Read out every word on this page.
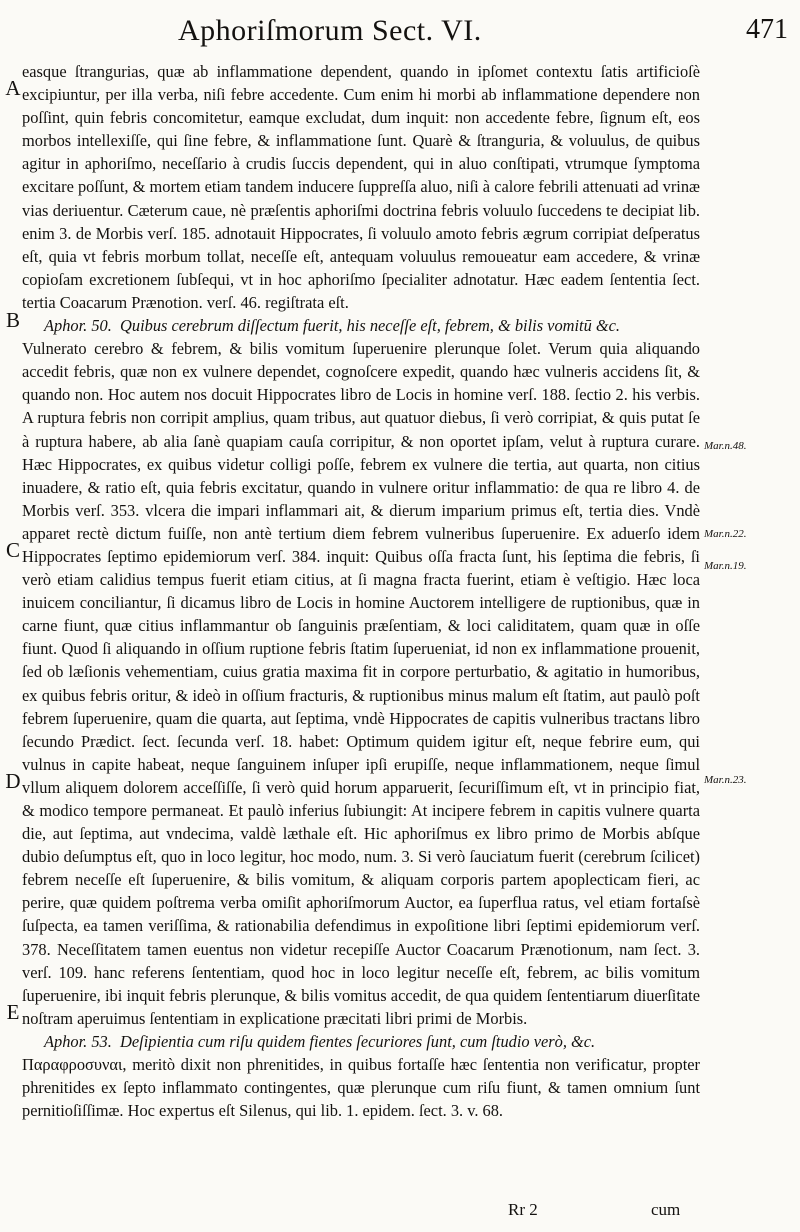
Aphoriſmorum Sect. VI.	471
A
B
C
D
E
Mar.n.48.
Mar.n.22.
Mar.n.19.
Mar.n.23.

easque ſtrangurias, quæ ab inflammatione dependent, quando in ipſomet contextu ſatis artificioſè excipiuntur, per illa verba, niſi febre accedente. Cum enim hi morbi ab inflammatione dependere non poſſint, quin febris concomitetur, eamque excludat, dum inquit: non accedente febre, ſignum eſt, eos morbos intellexiſſe, qui ſine febre, & inflammatione ſunt. Quarè & ſtranguria, & voluulus, de quibus agitur in aphoriſmo, neceſſario à crudis ſuccis dependent, qui in aluo conſtipati, vtrumque ſymptoma excitare poſſunt, & mortem etiam tandem inducere ſuppreſſa aluo, niſi à calore febrili attenuati ad vrinæ vias deriuentur. Cæterum caue, nè præſentis aphoriſmi doctrina febris voluulo ſuccedens te decipiat lib. enim 3. de Morbis verſ. 185. adnotauit Hippocrates, ſi voluulo amoto febris ægrum corripiat deſperatus eſt, quia vt febris morbum tollat, neceſſe eſt, antequam voluulus remoueatur eam accedere, & vrinæ copioſam excretionem ſubſequi, vt in hoc aphoriſmo ſpecialiter adnotatur. Hæc eadem ſententia ſect. tertia Coacarum Prænotion. verſ. 46. regiſtrata eſt.

Aphor. 50. Quibus cerebrum diſſectum fuerit, his neceſſe eſt, febrem, & bilis vomitū &c.

Vulnerato cerebro & febrem, & bilis vomitum ſuperuenire plerunque ſolet. Verum quia aliquando accedit febris, quæ non ex vulnere dependet, cognoſcere expedit, quando hæc vulneris accidens ſit, & quando non. Hoc autem nos docuit Hippocrates libro de Locis in homine verſ. 188. ſectio 2. his verbis. A ruptura febris non corripit amplius, quam tribus, aut quatuor diebus, ſi verò corripiat, & quis putat ſe à ruptura habere, ab alia ſanè quapiam cauſa corripitur, & non oportet ipſam, velut à ruptura curare. Hæc Hippocrates, ex quibus videtur colligi poſſe, febrem ex vulnere die tertia, aut quarta, non citius inuadere, & ratio eſt, quia febris excitatur, quando in vulnere oritur inflammatio: de qua re libro 4. de Morbis verſ. 353. vlcera die impari inflammari ait, & dierum imparium primus eſt, tertia dies. Vndè apparet rectè dictum fuiſſe, non antè tertium diem febrem vulneribus ſuperuenire. Ex aduerſo idem Hippocrates ſeptimo epidemiorum verſ. 384. inquit: Quibus oſſa fracta ſunt, his ſeptima die febris, ſi verò etiam calidius tempus fuerit etiam citius, at ſi magna fracta fuerint, etiam è veſtigio. Hæc loca inuicem conciliantur, ſi dicamus libro de Locis in homine Auctorem intelligere de ruptionibus, quæ in carne fiunt, quæ citius inflammantur ob ſanguinis præſentiam, & loci caliditatem, quam quæ in oſſe fiunt. Quod ſi aliquando in oſſium ruptione febris ſtatim ſuperueniat, id non ex inflammatione prouenit, ſed ob læſionis vehementiam, cuius gratia maxima fit in corpore perturbatio, & agitatio in humoribus, ex quibus febris oritur, & ideò in oſſium fracturis, & ruptionibus minus malum eſt ſtatim, aut paulò poſt febrem ſuperuenire, quam die quarta, aut ſeptima, vndè Hippocrates de capitis vulneribus tractans libro ſecundo Prædict. ſect. ſecunda verſ. 18. habet: Optimum quidem igitur eſt, neque febrire eum, qui vulnus in capite habeat, neque ſanguinem inſuper ipſi erupiſſe, neque inflammationem, neque ſimul vllum aliquem dolorem acceſſiſſe, ſi verò quid horum apparuerit, ſecuriſſimum eſt, vt in principio fiat, & modico tempore permaneat. Et paulò inferius ſubiungit: At incipere febrem in capitis vulnere quarta die, aut ſeptima, aut vndecima, valdè læthale eſt. Hic aphoriſmus ex libro primo de Morbis abſque dubio deſumptus eſt, quo in loco legitur, hoc modo, num. 3. Si verò ſauciatum fuerit (cerebrum ſcilicet) febrem neceſſe eſt ſuperuenire, & bilis vomitum, & aliquam corporis partem apoplecticam fieri, ac perire, quæ quidem poſtrema verba omiſit aphoriſmorum Auctor, ea ſuperflua ratus, vel etiam fortaſsè ſuſpecta, ea tamen veriſſima, & rationabilia defendimus in expoſitione libri ſeptimi epidemiorum verſ. 378. Neceſſitatem tamen euentus non videtur recepiſſe Auctor Coacarum Prænotionum, nam ſect. 3. verſ. 109. hanc referens ſententiam, quod hoc in loco legitur neceſſe eſt, febrem, ac bilis vomitum ſuperuenire, ibi inquit febris plerunque, & bilis vomitus accedit, de qua quidem ſententiarum diuerſitate noſtram aperuimus ſententiam in explicatione præcitati libri primi de Morbis.

Aphor. 53. Deſipientia cum riſu quidem fientes ſecuriores ſunt, cum ſtudio verò, &c.

Παραφροσυναι, meritò dixit non phrenitides, in quibus fortaſſe hæc ſententia non verificatur, propter phrenitides ex ſepto inflammato contingentes, quæ plerunque cum riſu fiunt, & tamen omnium ſunt pernitioſiſſimæ. Hoc expertus eſt Silenus, qui lib. 1. epidem. ſect. 3. v. 68.

Rr 2	cum
